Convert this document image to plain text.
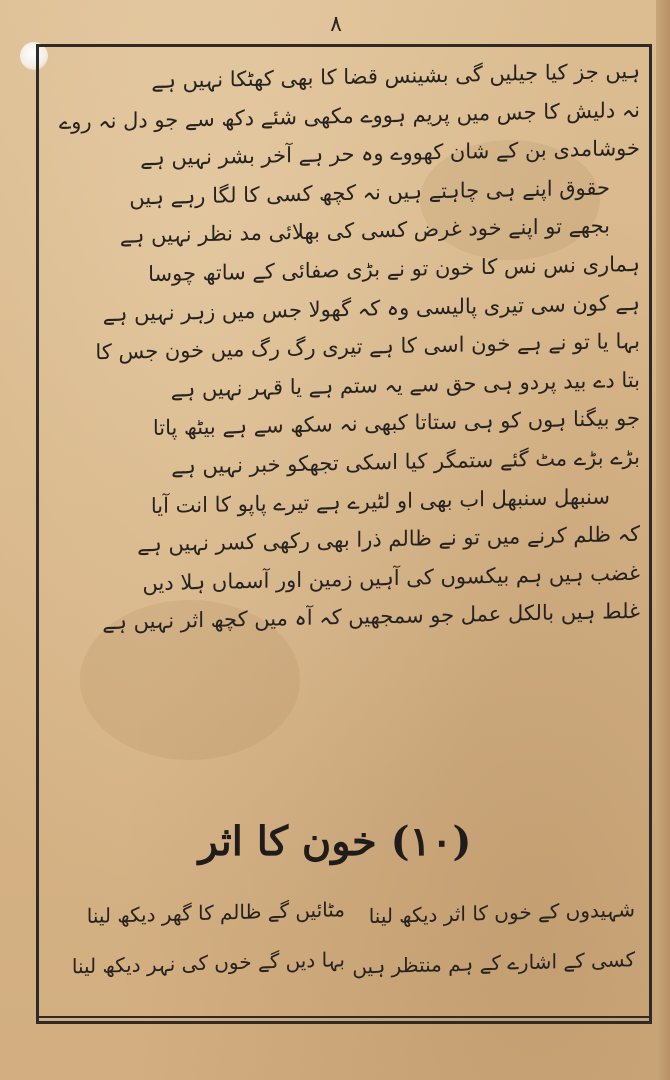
۸
ہیں جز کیا جیلیں گی بشینس قضا کا بھی کھٹکا نہیں ہے
نہ دلیش کا جس میں پریم ہووے مکھی شئے دکھ سے جو دل نہ روے
خوشامدی بن کے شان کھووے وہ حر ہے آخر بشر نہیں ہے
حقوق اپنے ہی چاہتے ہیں نہ کچھ کسی کا لگا رہے ہیں
بجھے تو اپنے خود غرض کسی کی بھلائی مد نظر نہیں ہے
ہماری نس نس کا خون تو نے بڑی صفائی کے ساتھ چوسا
ہے کون سی تیری پالیسی وہ کہ گھولا جس میں زہر نہیں ہے
بہا یا تو نے ہے خون اسی کا ہے تیری رگ رگ میں خون جس کا
بتا دے بید پردو ہی حق سے یہ ستم ہے یا قہر نہیں ہے
جو بیگنا ہوں کو ہی ستاتا کبھی نہ سکھ سے ہے بیٹھ پاتا
بڑے بڑے مٹ گئے ستمگر کیا اسکی تجھکو خبر نہیں ہے
سنبھل سنبھل اب بھی او لٹیرے ہے تیرے پاپو کا انت آیا
کہ ظلم کرنے میں تو نے ظالم ذرا بھی رکھی کسر نہیں ہے
غضب ہیں ہم بیکسوں کی آہیں زمین اور آسماں ہلا دیں
غلط ہیں بالکل عمل جو سمجھیں کہ آہ میں کچھ اثر نہیں ہے
(۱۰) خون کا اثر
شہیدوں کے خوں کا اثر دیکھ لینا
کسی کے اشارے کے ہم منتظر ہیں
مٹائیں گے ظالم کا گھر دیکھ لینا
بہا دیں گے خوں کی نہر دیکھ لینا
